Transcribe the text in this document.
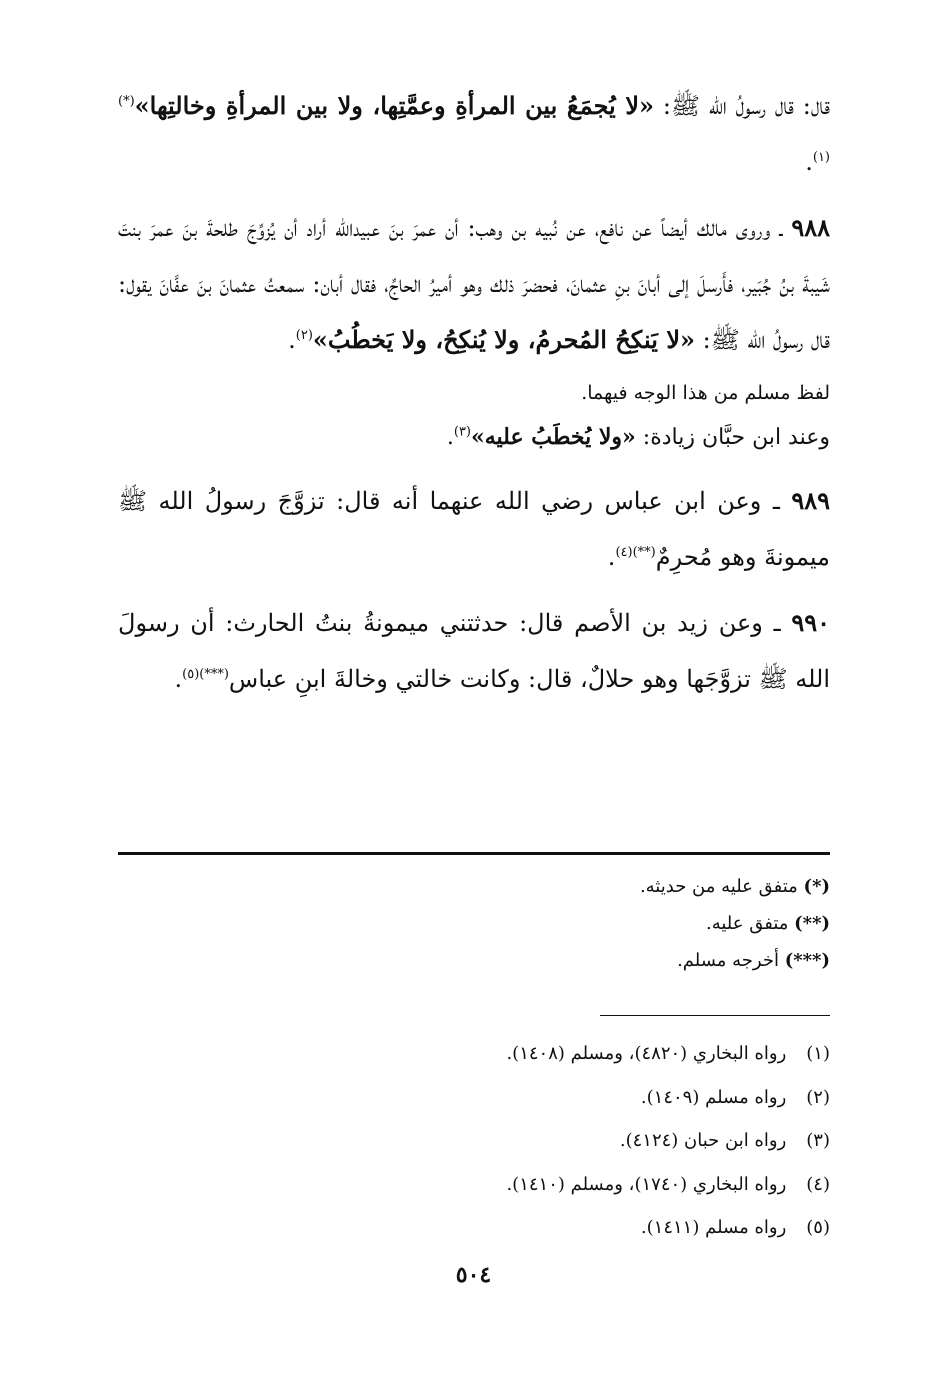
قال: قال رسولُ الله ﷺ: «لا يُجمَعُ بين المرأةِ وعمَّتِها، ولا بين المرأةِ وخالتِها»$^{(*)(١)}$.

٩٨٨ ـ وروى مالك أيضاً عن نافع، عن نُبيه بن وهب: أن عمرَ بنَ عبيدالله أراد أن يُزوِّجَ طلحةَ بنَ عمرَ بنتَ شَيبةَ بنُ جُبَير، فأَرسلَ إلى أبانَ بنِ عثمانَ، فحضرَ ذلك وهو أميرُ الحاجِّ، فقال أبان: سمعتُ عثمانَ بنَ عفَّانَ يقول: قال رسولُ الله ﷺ: «لا يَنكِحُ المُحرمُ، ولا يُنكِحُ، ولا يَخطُبُ»$^{(٢)}$.

لفظ مسلم من هذا الوجه فيهما.

وعند ابن حبَّان زيادة: «ولا يُخطَبُ عليه»$^{(٣)}$.

٩٨٩ ـ وعن ابن عباس رضي الله عنهما أنه قال: تزوَّجَ رسولُ الله ﷺ ميمونةَ وهو مُحرِمٌ$^{(**)(٤)}$.

٩٩٠ ـ وعن زيد بن الأصم قال: حدثتني ميمونةُ بنتُ الحارث: أن رسولَ الله ﷺ تزوَّجَها وهو حلالٌ، قال: وكانت خالتي وخالةَ ابنِ عباس$^{(***)(٥)}$.

(*) متفق عليه من حديثه.
(**) متفق عليه.
(***) أخرجه مسلم.
(١) رواه البخاري (٤٨٢٠)، ومسلم (١٤٠٨).
(٢) رواه مسلم (١٤٠٩).
(٣) رواه ابن حبان (٤١٢٤).
(٤) رواه البخاري (١٧٤٠)، ومسلم (١٤١٠).
(٥) رواه مسلم (١٤١١).
٥٠٤
